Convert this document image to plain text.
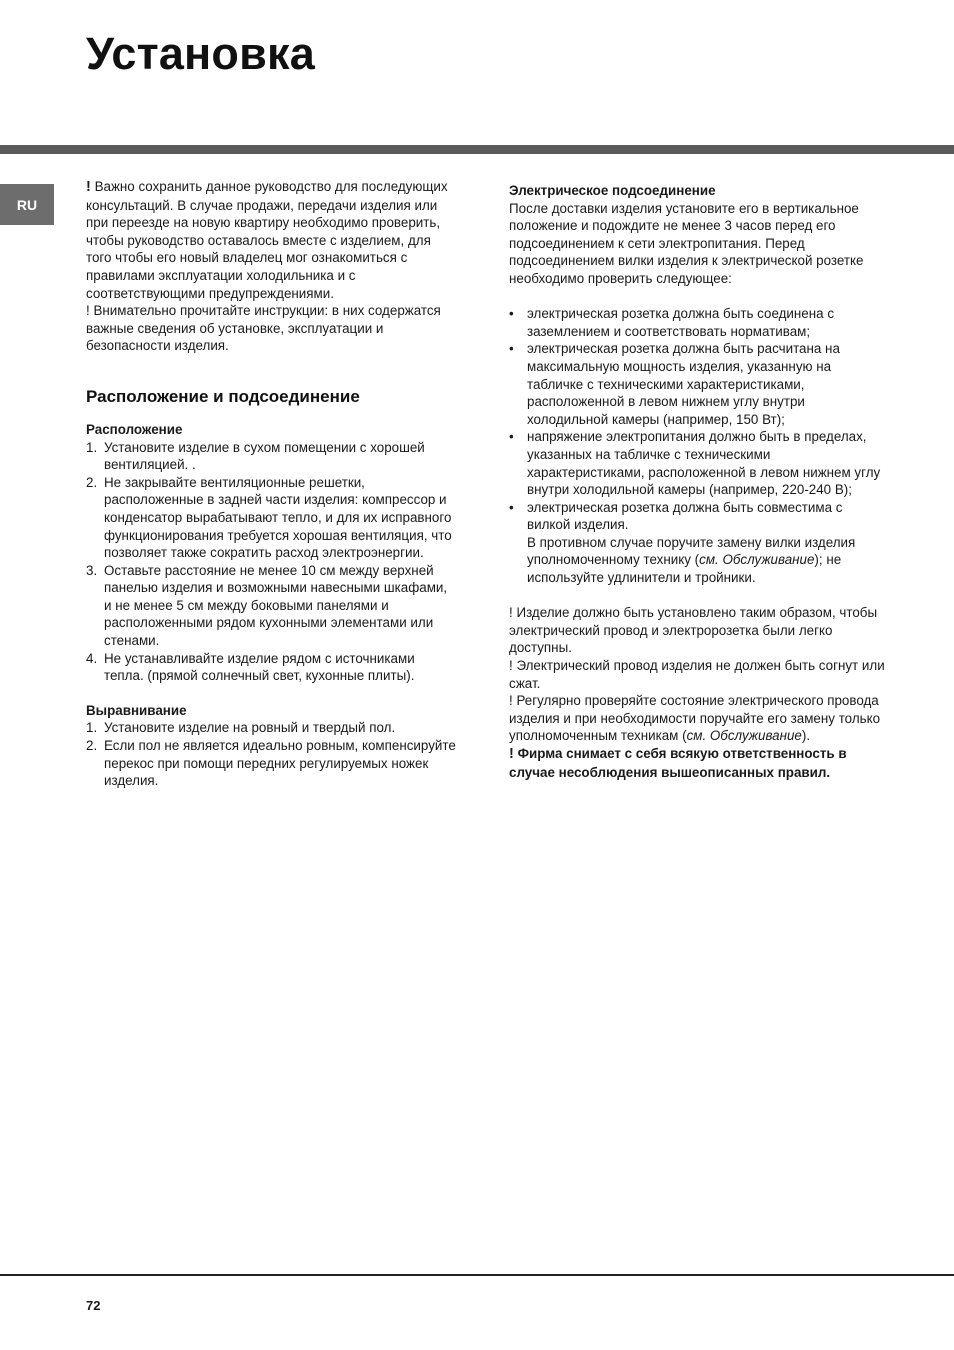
Установка
RU

! Важно сохранить данное руководство для последующих консультаций. В случае продажи, передачи изделия или при переезде на новую квартиру необходимо проверить, чтобы руководство оставалось вместе с изделием, для того чтобы его новый владелец мог ознакомиться с правилами эксплуатации холодильника и с соответствующими предупреждениями.

! Внимательно прочитайте инструкции: в них содержатся важные сведения об установке, эксплуатации и безопасности изделия.

Расположение и подсоединение
Расположение
1. Установите изделие в сухом помещении с хорошей вентиляцией. .
2. Не закрывайте вентиляционные решетки, расположенные в задней части изделия: компрессор и конденсатор вырабатывают тепло, и для их исправного функционирования требуется хорошая вентиляция, что позволяет также сократить расход электроэнергии.
3. Оставьте расстояние не менее 10 см между верхней панелью изделия и возможными навесными шкафами, и не менее 5 см между боковыми панелями и расположенными рядом кухонными элементами или стенами.
4. Не устанавливайте изделие рядом с источниками тепла. (прямой солнечный свет, кухонные плиты).
Выравнивание
1. Установите изделие на ровный и твердый пол.
2. Если пол не является идеально ровным, компенсируйте перекос при помощи передних регулируемых ножек изделия.
Электрическое подсоединение

После доставки изделия установите его в вертикальное положение и подождите не менее 3 часов перед его подсоединением к сети электропитания. Перед подсоединением вилки изделия к электрической розетке необходимо проверить следующее:

• электрическая розетка должна быть соединена с заземлением и соответствовать нормативам;
• электрическая розетка должна быть расчитана на максимальную мощность изделия, указанную на табличке с техническими характеристиками, расположенной в левом нижнем углу внутри холодильной камеры (например, 150 Вт);
• напряжение электропитания должно быть в пределах, указанных на табличке с техническими характеристиками, расположенной в левом нижнем углу внутри холодильной камеры (например, 220-240 В);
• электрическая розетка должна быть совместима с вилкой изделия.
В противном случае поручите замену вилки изделия уполномоченному технику (см. Обслуживание); не используйте удлинители и тройники.

! Изделие должно быть установлено таким образом, чтобы электрический провод и электророзетка были легко доступны.

! Электрический провод изделия не должен быть согнут или сжат.

! Регулярно проверяйте состояние электрического провода изделия и при необходимости поручайте его замену только уполномоченным техникам (см. Обслуживание).

! Фирма снимает с себя всякую ответственность в случае несоблюдения вышеописанных правил.

72
